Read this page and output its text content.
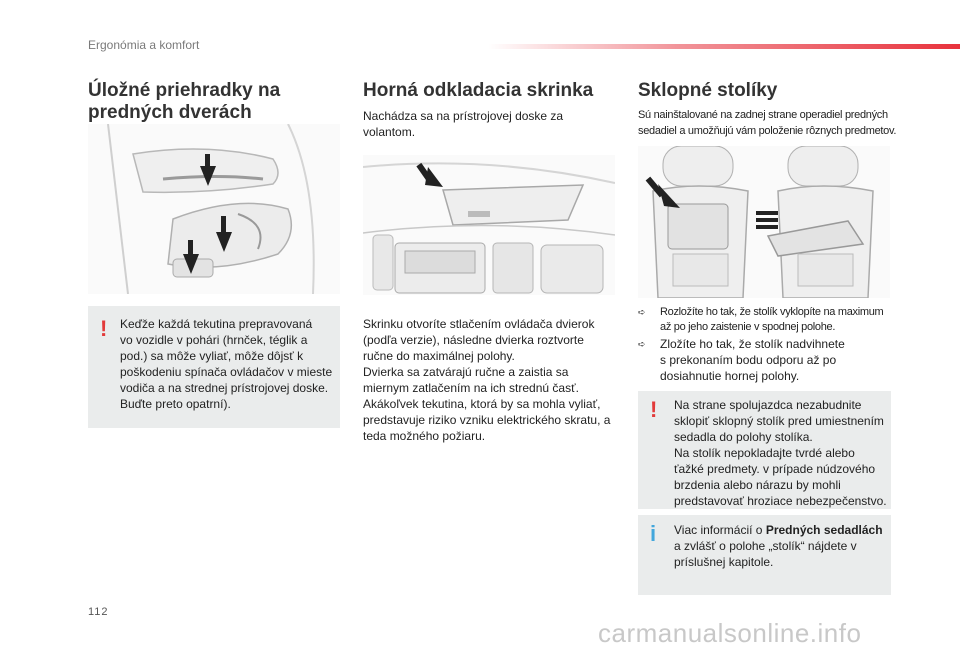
Ergonómia a komfort
Úložné priehradky na
predných dverách
! Keďže každá tekutina prepravovaná
vo vozidle v pohári (hrnček, téglik a
pod.) sa môže vyliať, môže dôjsť k
poškodeniu spínača ovládačov v mieste
vodiča a na strednej prístrojovej doske.
Buďte preto opatrní).
Horná odkladacia skrinka
Nachádza sa na prístrojovej doske za
volantom.
Skrinku otvoríte stlačením ovládača dvierok
(podľa verzie), následne dvierka roztvorte
ručne do maximálnej polohy.
Dvierka sa zatvárajú ručne a zaistia sa
miernym zatlačením na ich strednú časť.
Akákoľvek tekutina, ktorá by sa mohla vyliať,
predstavuje riziko vzniku elektrického skratu, a
teda možného požiaru.
Sklopné stolíky
Sú nainštalované na zadnej strane operadiel predných
sedadiel a umožňujú vám položenie rôznych predmetov.
➪ Rozložíte ho tak, že stolík vyklopíte na maximum
až po jeho zaistenie v spodnej polohe.
➪ Zložíte ho tak, že stolík nadvihnete
s prekonaním bodu odporu až po
dosiahnutie hornej polohy.
! Na strane spolujazdca nezabudnite
sklopiť sklopný stolík pred umiestnením
sedadla do polohy stolíka.
Na stolík nepokladajte tvrdé alebo
ťažké predmety. v prípade núdzového
brzdenia alebo nárazu by mohli
predstavovať hroziace nebezpečenstvo.
i Viac informácií o Predných sedadlách
a zvlášť o polohe „stolík“ nájdete v
príslušnej kapitole.
112
carmanualsonline.info
